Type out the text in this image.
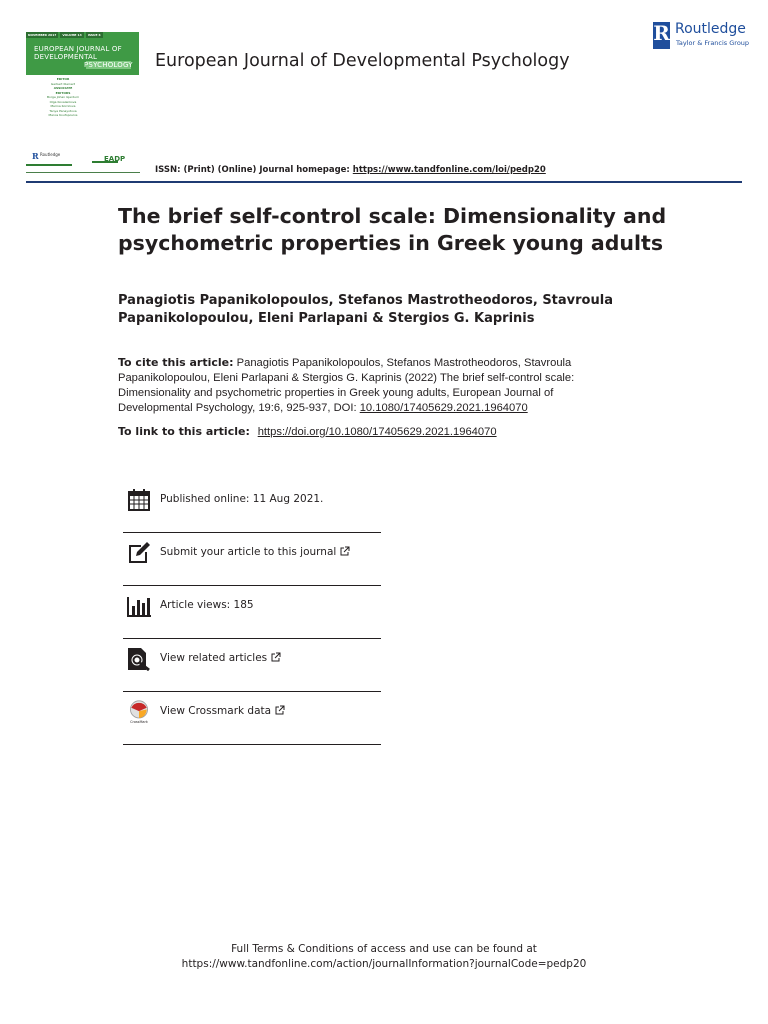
NOVEMBER 2017	VOLUME 14	ISSUE 6
EUROPEAN JOURNAL OF
DEVELOPMENTAL
PSYCHOLOGY
EDITOR
Gerbert Kleinert
ASSOCIATE
EDITORS
Borge Johan Gjerdum
Olga Kovalenkova
Marina Kornilova
Tanya Panayotova
Manos Koufopoulos
European Journal of Developmental Psychology
R Routledge
Taylor & Francis Group
R Routledge
EADP
ISSN: (Print) (Online) Journal homepage: https://www.tandfonline.com/loi/pedp20
The brief self-control scale: Dimensionality and
psychometric properties in Greek young adults
Panagiotis Papanikolopoulos, Stefanos Mastrotheodoros, Stavroula
Papanikolopoulou, Eleni Parlapani & Stergios G. Kaprinis
To cite this article: Panagiotis Papanikolopoulos, Stefanos Mastrotheodoros, Stavroula
Papanikolopoulou, Eleni Parlapani & Stergios G. Kaprinis (2022) The brief self-control scale:
Dimensionality and psychometric properties in Greek young adults, European Journal of
Developmental Psychology, 19:6, 925-937, DOI: 10.1080/17405629.2021.1964070
To link to this article: https://doi.org/10.1080/17405629.2021.1964070
Published online: 11 Aug 2021.
Submit your article to this journal
Article views: 185
View related articles
CrossMark
View Crossmark data
Full Terms & Conditions of access and use can be found at
https://www.tandfonline.com/action/journalInformation?journalCode=pedp20
